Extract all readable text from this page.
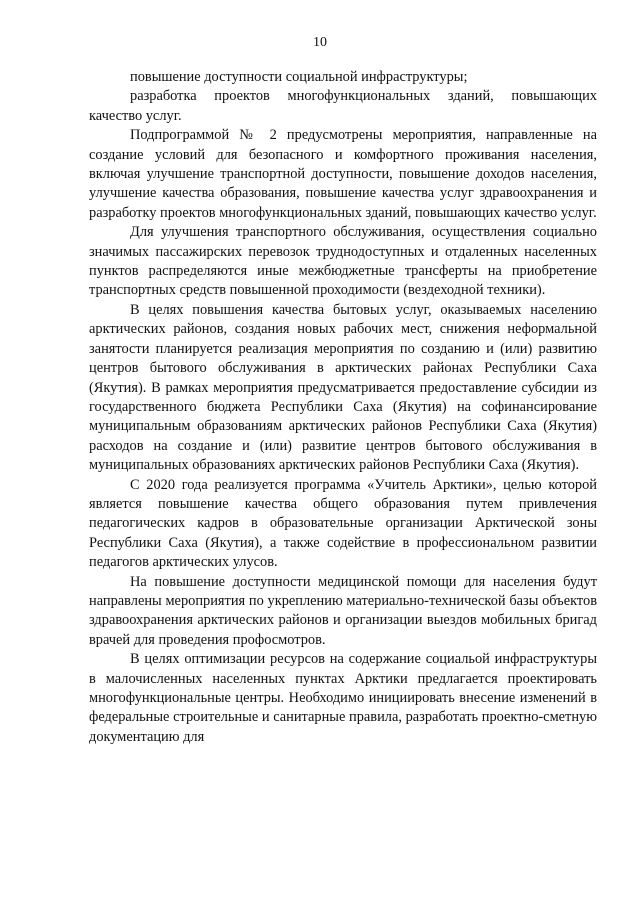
10

повышение доступности социальной инфраструктуры;

разработка проектов многофункциональных зданий, повышающих качество услуг.

Подпрограммой № 2 предусмотрены мероприятия, направленные на создание условий для безопасного и комфортного проживания населения, включая улучшение транспортной доступности, повышение доходов населения, улучшение качества образования, повышение качества услуг здравоохранения и разработку проектов многофункциональных зданий, повышающих качество услуг.

Для улучшения транспортного обслуживания, осуществления социально значимых пассажирских перевозок труднодоступных и отдаленных населенных пунктов распределяются иные межбюджетные трансферты на приобретение транспортных средств повышенной проходимости (вездеходной техники).

В целях повышения качества бытовых услуг, оказываемых населению арктических районов, создания новых рабочих мест, снижения неформальной занятости планируется реализация мероприятия по созданию и (или) развитию центров бытового обслуживания в арктических районах Республики Саха (Якутия). В рамках мероприятия предусматривается предоставление субсидии из государственного бюджета Республики Саха (Якутия) на софинансирование муниципальным образованиям арктических районов Республики Саха (Якутия) расходов на создание и (или) развитие центров бытового обслуживания в муниципальных образованиях арктических районов Республики Саха (Якутия).

С 2020 года реализуется программа «Учитель Арктики», целью которой является повышение качества общего образования путем привлечения педагогических кадров в образовательные организации Арктической зоны Республики Саха (Якутия), а также содействие в профессиональном развитии педагогов арктических улусов.

На повышение доступности медицинской помощи для населения будут направлены мероприятия по укреплению материально-технической базы объектов здравоохранения арктических районов и организации выездов мобильных бригад врачей для проведения профосмотров.

В целях оптимизации ресурсов на содержание социальой инфраструктуры в малочисленных населенных пунктах Арктики предлагается проектировать многофункциональные центры. Необходимо инициировать внесение изменений в федеральные строительные и санитарные правила, разработать проектно-сметную документацию для
